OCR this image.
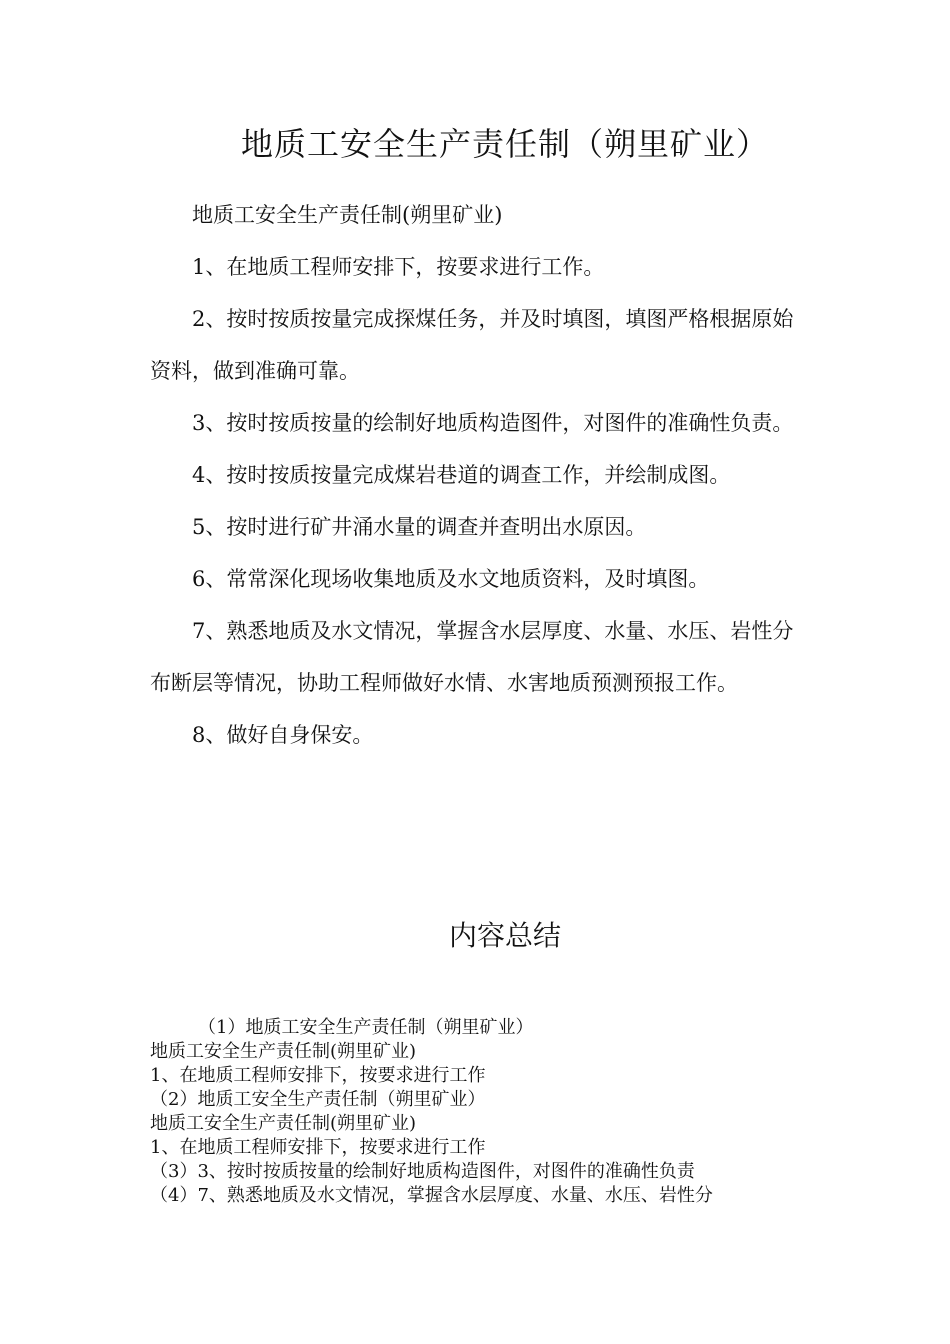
地质工安全生产责任制（朔里矿业）

地质工安全生产责任制(朔里矿业)

1、在地质工程师安排下，按要求进行工作。

2、按时按质按量完成探煤任务，并及时填图，填图严格根据原始资料，做到准确可靠。

3、按时按质按量的绘制好地质构造图件，对图件的准确性负责。

4、按时按质按量完成煤岩巷道的调查工作，并绘制成图。

5、按时进行矿井涌水量的调查并查明出水原因。

6、常常深化现场收集地质及水文地质资料，及时填图。

7、熟悉地质及水文情况，掌握含水层厚度、水量、水压、岩性分布断层等情况，协助工程师做好水情、水害地质预测预报工作。

8、做好自身保安。

内容总结
（1）地质工安全生产责任制（朔里矿业）
地质工安全生产责任制(朔里矿业)
1、在地质工程师安排下，按要求进行工作
（2）地质工安全生产责任制（朔里矿业）
地质工安全生产责任制(朔里矿业)
1、在地质工程师安排下，按要求进行工作
（3）3、按时按质按量的绘制好地质构造图件，对图件的准确性负责
（4）7、熟悉地质及水文情况，掌握含水层厚度、水量、水压、岩性分
